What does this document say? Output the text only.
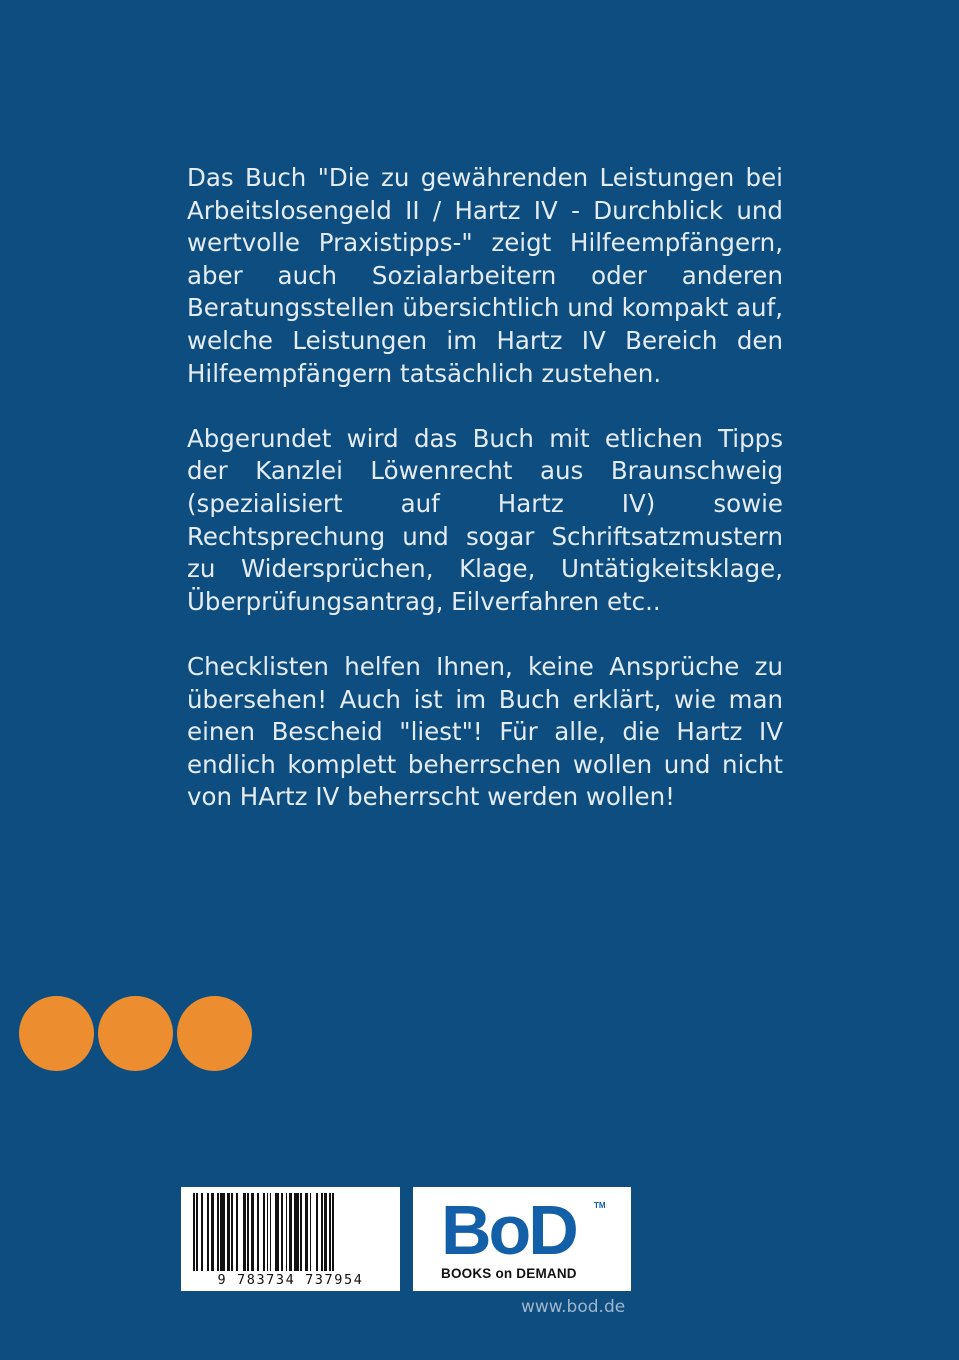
Das Buch "Die zu gewährenden Leistungen bei Arbeitslosengeld II / Hartz IV - Durchblick und wertvolle Praxistipps-" zeigt Hilfeempfängern, aber auch Sozialarbeitern oder anderen Beratungsstellen übersichtlich und kompakt auf, welche Leistungen im Hartz IV Bereich den Hilfeempfängern tatsächlich zustehen.

Abgerundet wird das Buch mit etlichen Tipps der Kanzlei Löwenrecht aus Braunschweig (spezialisiert auf Hartz IV) sowie Rechtsprechung und sogar Schriftsatzmustern zu Widersprüchen, Klage, Untätigkeitsklage, Überprüfungsantrag, Eilverfahren etc..

Checklisten helfen Ihnen, keine Ansprüche zu übersehen! Auch ist im Buch erklärt, wie man einen Bescheid "liest"! Für alle, die Hartz IV endlich komplett beherrschen wollen und nicht von HArtz IV beherrscht werden wollen!

9 783734 737954
BoD TM
BOOKS on DEMAND
www.bod.de
